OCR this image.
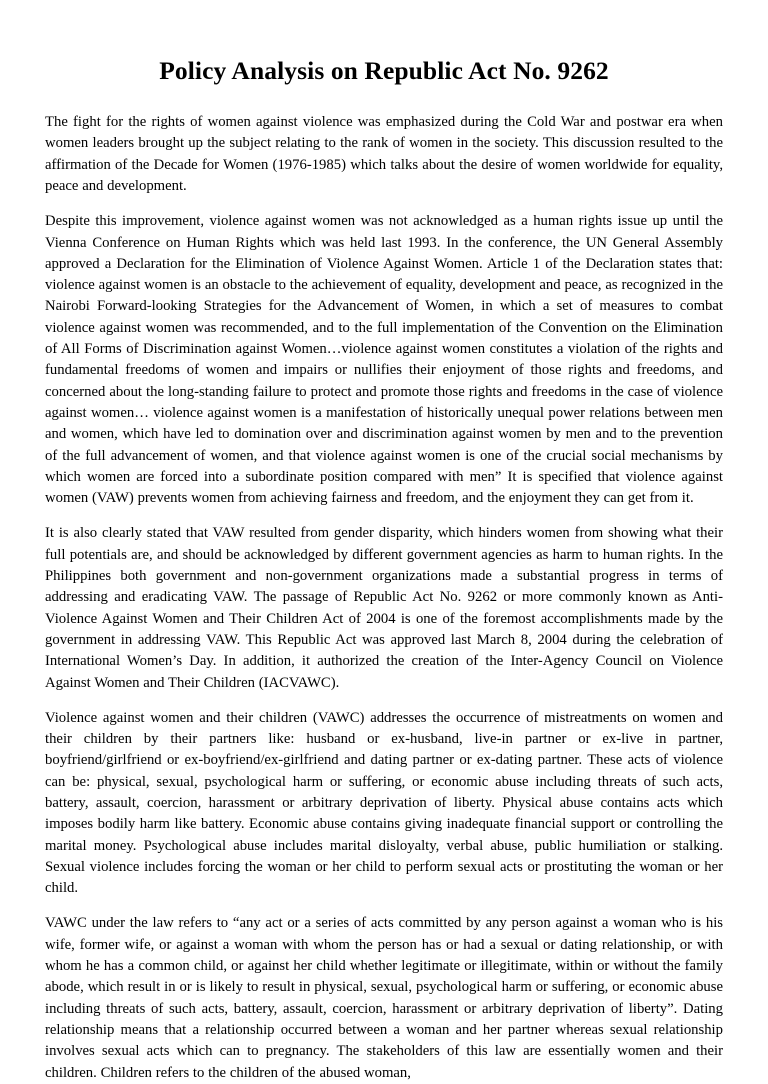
Policy Analysis on Republic Act No. 9262

The fight for the rights of women against violence was emphasized during the Cold War and postwar era when women leaders brought up the subject relating to the rank of women in the society. This discussion resulted to the affirmation of the Decade for Women (1976-1985) which talks about the desire of women worldwide for equality, peace and development.

Despite this improvement, violence against women was not acknowledged as a human rights issue up until the Vienna Conference on Human Rights which was held last 1993. In the conference, the UN General Assembly approved a Declaration for the Elimination of Violence Against Women. Article 1 of the Declaration states that: violence against women is an obstacle to the achievement of equality, development and peace, as recognized in the Nairobi Forward-looking Strategies for the Advancement of Women, in which a set of measures to combat violence against women was recommended, and to the full implementation of the Convention on the Elimination of All Forms of Discrimination against Women…violence against women constitutes a violation of the rights and fundamental freedoms of women and impairs or nullifies their enjoyment of those rights and freedoms, and concerned about the long-standing failure to protect and promote those rights and freedoms in the case of violence against women… violence against women is a manifestation of historically unequal power relations between men and women, which have led to domination over and discrimination against women by men and to the prevention of the full advancement of women, and that violence against women is one of the crucial social mechanisms by which women are forced into a subordinate position compared with men” It is specified that violence against women (VAW) prevents women from achieving fairness and freedom, and the enjoyment they can get from it.

It is also clearly stated that VAW resulted from gender disparity, which hinders women from showing what their full potentials are, and should be acknowledged by different government agencies as harm to human rights. In the Philippines both government and non-government organizations made a substantial progress in terms of addressing and eradicating VAW. The passage of Republic Act No. 9262 or more commonly known as Anti-Violence Against Women and Their Children Act of 2004 is one of the foremost accomplishments made by the government in addressing VAW. This Republic Act was approved last March 8, 2004 during the celebration of International Women’s Day. In addition, it authorized the creation of the Inter-Agency Council on Violence Against Women and Their Children (IACVAWC).

Violence against women and their children (VAWC) addresses the occurrence of mistreatments on women and their children by their partners like: husband or ex-husband, live-in partner or ex-live in partner, boyfriend/girlfriend or ex-boyfriend/ex-girlfriend and dating partner or ex-dating partner. These acts of violence can be: physical, sexual, psychological harm or suffering, or economic abuse including threats of such acts, battery, assault, coercion, harassment or arbitrary deprivation of liberty. Physical abuse contains acts which imposes bodily harm like battery. Economic abuse contains giving inadequate financial support or controlling the marital money. Psychological abuse includes marital disloyalty, verbal abuse, public humiliation or stalking. Sexual violence includes forcing the woman or her child to perform sexual acts or prostituting the woman or her child.

VAWC under the law refers to “any act or a series of acts committed by any person against a woman who is his wife, former wife, or against a woman with whom the person has or had a sexual or dating relationship, or with whom he has a common child, or against her child whether legitimate or illegitimate, within or without the family abode, which result in or is likely to result in physical, sexual, psychological harm or suffering, or economic abuse including threats of such acts, battery, assault, coercion, harassment or arbitrary deprivation of liberty”. Dating relationship means that a relationship occurred between a woman and her partner whereas sexual relationship involves sexual acts which can to pregnancy. The stakeholders of this law are essentially women and their children. Children refers to the children of the abused woman,
